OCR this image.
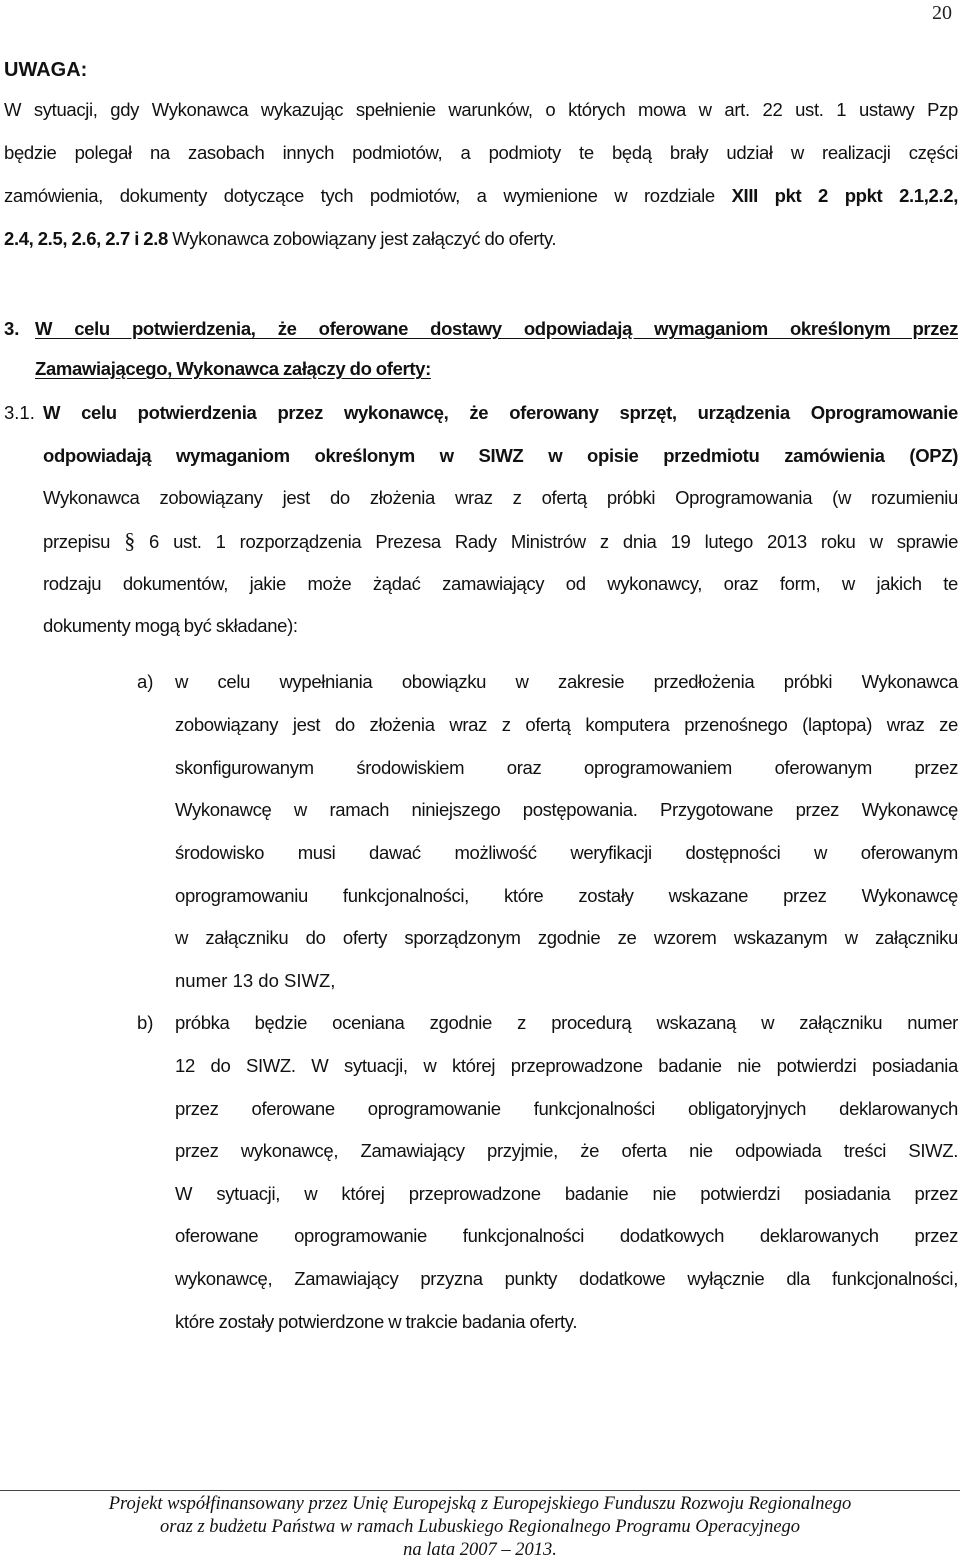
20
UWAGA:
W sytuacji, gdy Wykonawca wykazując spełnienie warunków, o których mowa w art. 22 ust. 1 ustawy Pzp
będzie polegał na zasobach innych podmiotów, a podmioty te będą brały udział w realizacji części
zamówienia, dokumenty dotyczące tych podmiotów, a wymienione w rozdziale XIII pkt 2 ppkt 2.1,2.2,
2.4, 2.5, 2.6, 2.7 i 2.8 Wykonawca zobowiązany jest załączyć do oferty.
3. W celu potwierdzenia, że oferowane dostawy odpowiadają wymaganiom określonym przez
Zamawiającego, Wykonawca załączy do oferty:
3.1. W celu potwierdzenia przez wykonawcę, że oferowany sprzęt, urządzenia Oprogramowanie
odpowiadają wymaganiom określonym w SIWZ w opisie przedmiotu zamówienia (OPZ)
Wykonawca zobowiązany jest do złożenia wraz z ofertą próbki Oprogramowania (w rozumieniu
przepisu § 6 ust. 1 rozporządzenia Prezesa Rady Ministrów z dnia 19 lutego 2013 roku w sprawie
rodzaju dokumentów, jakie może żądać zamawiający od wykonawcy, oraz form, w jakich te
dokumenty mogą być składane):
a) w celu wypełniania obowiązku w zakresie przedłożenia próbki Wykonawca
zobowiązany jest do złożenia wraz z ofertą komputera przenośnego (laptopa) wraz ze
skonfigurowanym środowiskiem oraz oprogramowaniem oferowanym przez
Wykonawcę w ramach niniejszego postępowania. Przygotowane przez Wykonawcę
środowisko musi dawać możliwość weryfikacji dostępności w oferowanym
oprogramowaniu funkcjonalności, które zostały wskazane przez Wykonawcę
w załączniku do oferty sporządzonym zgodnie ze wzorem wskazanym w załączniku
numer 13 do SIWZ,
b) próbka będzie oceniana zgodnie z procedurą wskazaną w załączniku numer
12 do SIWZ. W sytuacji, w której przeprowadzone badanie nie potwierdzi posiadania
przez oferowane oprogramowanie funkcjonalności obligatoryjnych deklarowanych
przez wykonawcę, Zamawiający przyjmie, że oferta nie odpowiada treści SIWZ.
W sytuacji, w której przeprowadzone badanie nie potwierdzi posiadania przez
oferowane oprogramowanie funkcjonalności dodatkowych deklarowanych przez
wykonawcę, Zamawiający przyzna punkty dodatkowe wyłącznie dla funkcjonalności,
które zostały potwierdzone w trakcie badania oferty.
Projekt współfinansowany przez Unię Europejską z Europejskiego Funduszu Rozwoju Regionalnego
oraz z budżetu Państwa w ramach Lubuskiego Regionalnego Programu Operacyjnego
na lata 2007 – 2013.
